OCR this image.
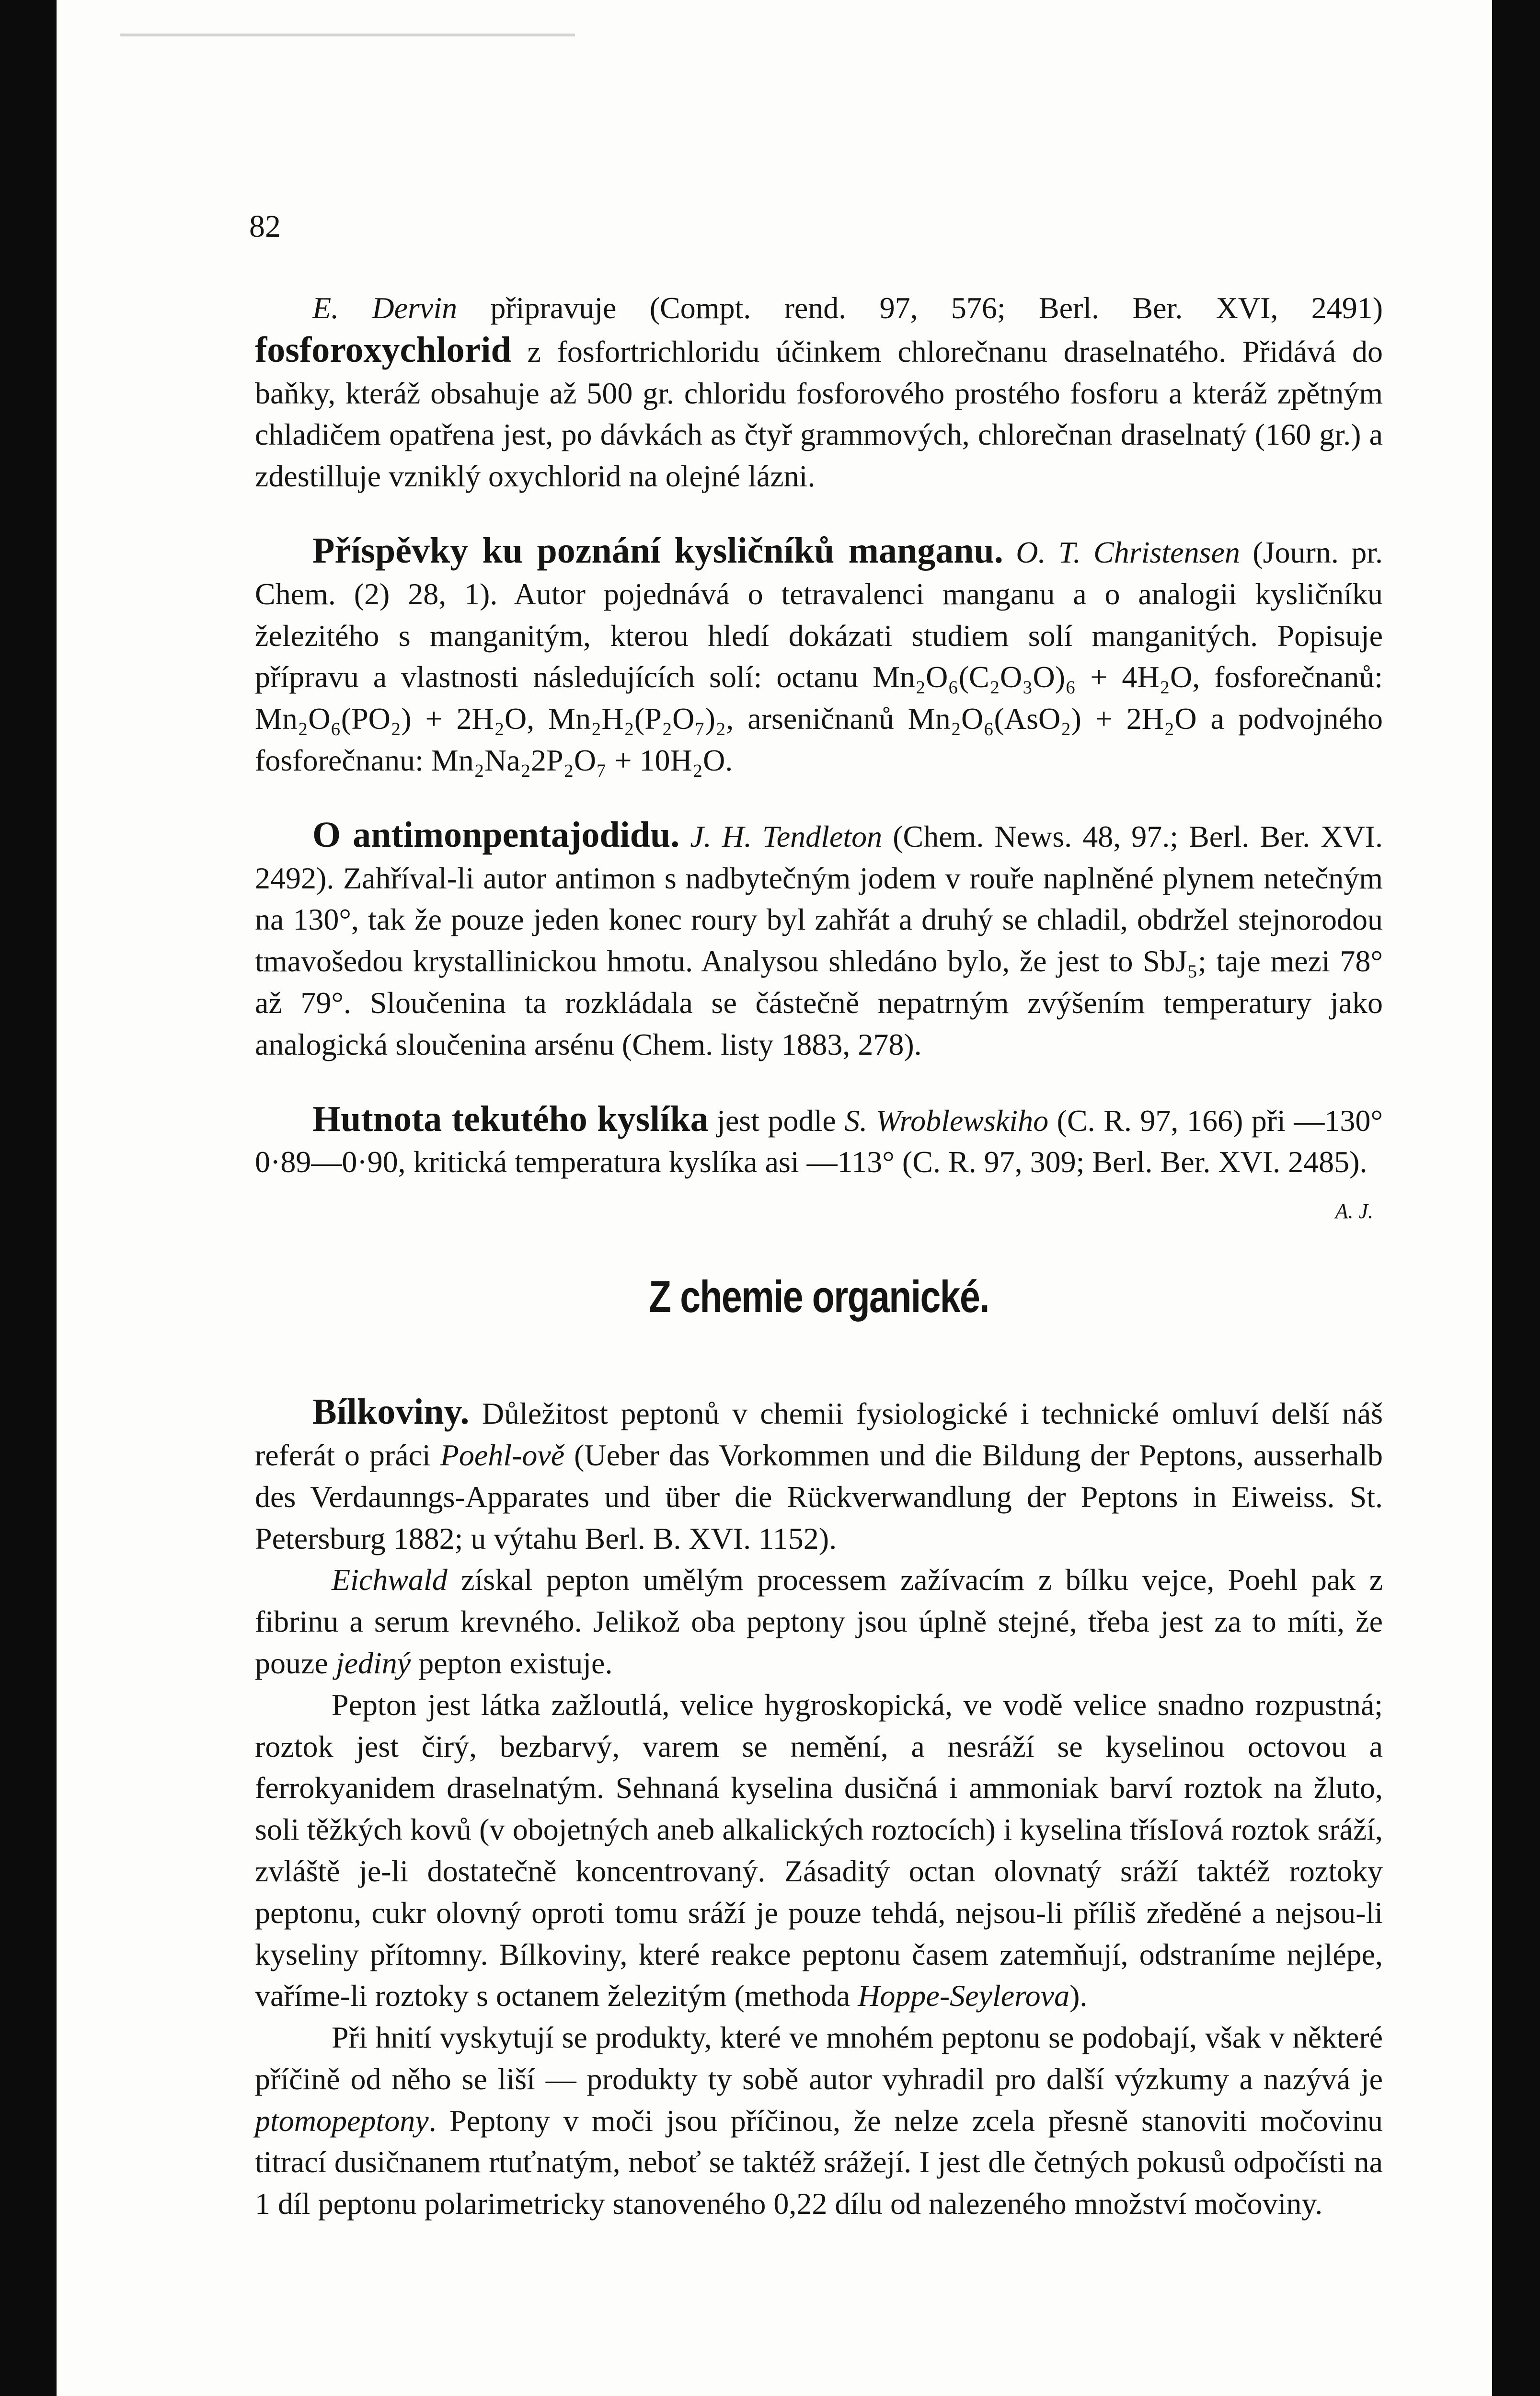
82

E. Dervin připravuje (Compt. rend. 97, 576; Berl. Ber. XVI, 2491) fosforoxychlorid z fosfortrichloridu účinkem chlorečnanu draselnatého. Přidává do baňky, kteráž obsahuje až 500 gr. chloridu fosforového prostého fosforu a kteráž zpětným chladičem opatřena jest, po dávkách as čtyř grammových, chlorečnan draselnatý (160 gr.) a zdestilluje vzniklý oxychlorid na olejné lázni.

Příspěvky ku poznání kysličníků manganu. O. T. Christensen (Journ. pr. Chem. (2) 28, 1). Autor pojednává o tetravalenci manganu a o analogii kysličníku železitého s manganitým, kterou hledí dokázati studiem solí manganitých. Popisuje přípravu a vlastnosti následujících solí: octanu Mn₂O₆(C₂O₃O)₆ + 4H₂O, fosforečnanů: Mn₂O₆(PO₂) + 2H₂O, Mn₂H₂(P₂O₇)₂, arseničnanů Mn₂O₆(AsO₂) + 2H₂O a podvojného fosforečnanu: Mn₂Na₂2P₂O₇ + 10H₂O.

O antimonpentajodidu. J. H. Tendleton (Chem. News. 48, 97.; Berl. Ber. XVI. 2492). Zahříval-li autor antimon s nadbytečným jodem v rouře naplněné plynem netečným na 130°, tak že pouze jeden konec roury byl zahřát a druhý se chladil, obdržel stejnorodou tmavošedou krystallinickou hmotu. Analysou shledáno bylo, že jest to SbJ₅; taje mezi 78° až 79°. Sloučenina ta rozkládala se částečně nepatrným zvýšením temperatury jako analogická sloučenina arsénu (Chem. listy 1883, 278).

Hutnota tekutého kyslíka jest podle S. Wroblewskiho (C. R. 97, 166) při —130° 0·89—0·90, kritická temperatura kyslíka asi —113° (C. R. 97, 309; Berl. Ber. XVI. 2485).
A. J.

Z chemie organické.

Bílkoviny. Důležitost peptonů v chemii fysiologické i technické omluví delší náš referát o práci Poehl-ově (Ueber das Vorkommen und die Bildung der Peptons, ausserhalb des Verdaunngs-Apparates und über die Rückverwandlung der Peptons in Eiweiss. St. Petersburg 1882; u výtahu Berl. B. XVI. 1152).

Eichwald získal pepton umělým processem zažívacím z bílku vejce, Poehl pak z fibrinu a serum krevného. Jelikož oba peptony jsou úplně stejné, třeba jest za to míti, že pouze jediný pepton existuje.

Pepton jest látka zažloutlá, velice hygroskopická, ve vodě velice snadno rozpustná; roztok jest čirý, bezbarvý, varem se nemění, a nesráží se kyselinou octovou a ferrokyanidem draselnatým. Sehnaná kyselina dusičná i ammoniak barví roztok na žluto, soli těžkých kovů (v obojetných aneb alkalických roztocích) i kyselina třísIová roztok sráží, zvláště je-li dostatečně koncentrovaný. Zásaditý octan olovnatý sráží taktéž roztoky peptonu, cukr olovný oproti tomu sráží je pouze tehdá, nejsou-li příliš zředěné a nejsou-li kyseliny přítomny. Bílkoviny, které reakce peptonu časem zatemňují, odstraníme nejlépe, vaříme-li roztoky s octanem železitým (methoda Hoppe-Seylerova).

Při hnití vyskytují se produkty, které ve mnohém peptonu se podobají, však v některé příčině od něho se liší — produkty ty sobě autor vyhradil pro další výzkumy a nazývá je ptomopeptony. Peptony v moči jsou příčinou, že nelze zcela přesně stanoviti močovinu titrací dusičnanem rtuťnatým, neboť se taktéž srážejí. I jest dle četných pokusů odpočísti na 1 díl peptonu polarimetricky stanoveného 0,22 dílu od nalezeného množství močoviny.
